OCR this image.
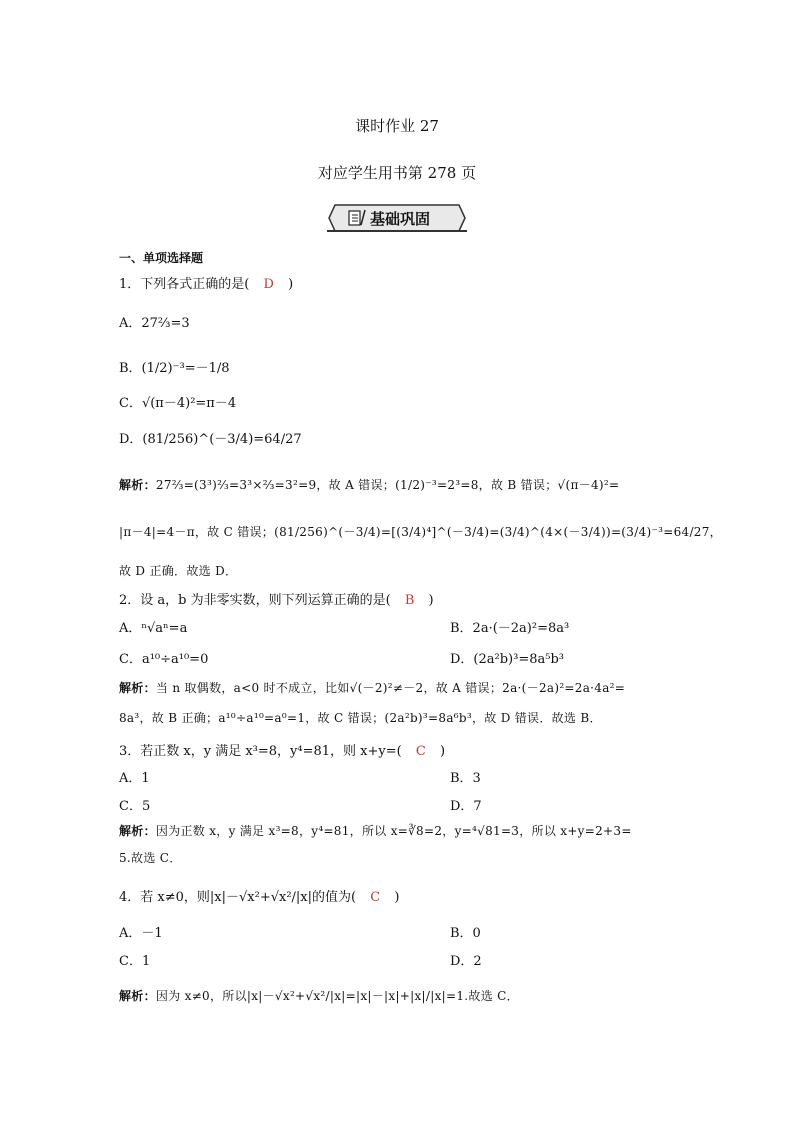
课时作业 27
对应学生用书第 278 页
基础巩固
一、单项选择题
1．下列各式正确的是( D )
A．27⅔=3
B．(1/2)⁻³=－1/8
C．√(π－4)²=π－4
D．(81/256)^(－3/4)=64/27
解析：27⅔=(3³)⅔=3³×⅔=3²=9，故 A 错误；(1/2)⁻³=2³=8，故 B 错误；√(π－4)²=
|π－4|=4－π，故 C 错误；(81/256)^(－3/4)=[(3/4)⁴]^(－3/4)=(3/4)^(4×(－3/4))=(3/4)⁻³=64/27，
故 D 正确．故选 D．
2．设 a，b 为非零实数，则下列运算正确的是( B )
A．ⁿ√aⁿ=a	B．2a·(－2a)²=8a³
C．a¹⁰÷a¹⁰=0	D．(2a²b)³=8a⁵b³
解析：当 n 取偶数，a<0 时不成立，比如√(－2)²≠－2，故 A 错误；2a·(－2a)²=2a·4a²=
8a³，故 B 正确；a¹⁰÷a¹⁰=a⁰=1，故 C 错误；(2a²b)³=8a⁶b³，故 D 错误．故选 B．
3．若正数 x，y 满足 x³=8，y⁴=81，则 x+y=( C )
A．1	B．3
C．5	D．7
解析：因为正数 x，y 满足 x³=8，y⁴=81，所以 x=∛8=2，y=⁴√81=3，所以 x+y=2+3=
5.故选 C．
4．若 x≠0，则|x|－√x²+√x²/|x|的值为( C )
A．－1	B．0
C．1	D．2
解析：因为 x≠0，所以|x|－√x²+√x²/|x|=|x|－|x|+|x|/|x|=1.故选 C．
